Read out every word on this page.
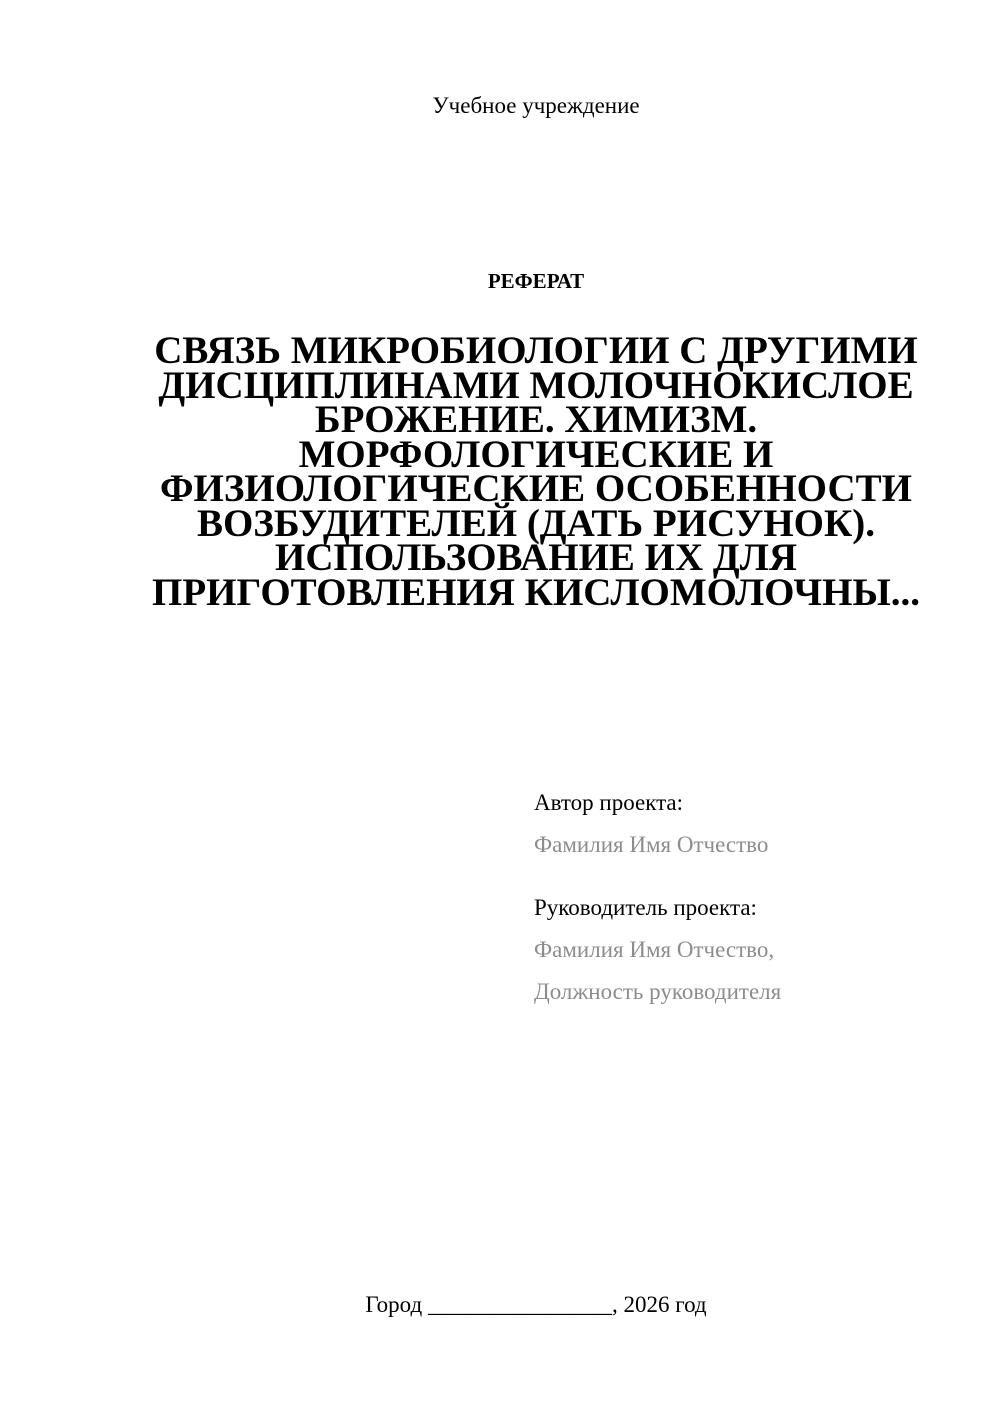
Учебное учреждение
РЕФЕРАТ
СВЯЗЬ МИКРОБИОЛОГИИ С ДРУГИМИ ДИСЦИПЛИНАМИ МОЛОЧНОКИСЛОЕ БРОЖЕНИЕ. ХИМИЗМ. МОРФОЛОГИЧЕСКИЕ И ФИЗИОЛОГИЧЕСКИЕ ОСОБЕННОСТИ ВОЗБУДИТЕЛЕЙ (ДАТЬ РИСУНОК). ИСПОЛЬЗОВАНИЕ ИХ ДЛЯ ПРИГОТОВЛЕНИЯ КИСЛОМОЛОЧНЫ...
Автор проекта:
Фамилия Имя Отчество
Руководитель проекта:
Фамилия Имя Отчество,
Должность руководителя
Город ________________, 2026 год
